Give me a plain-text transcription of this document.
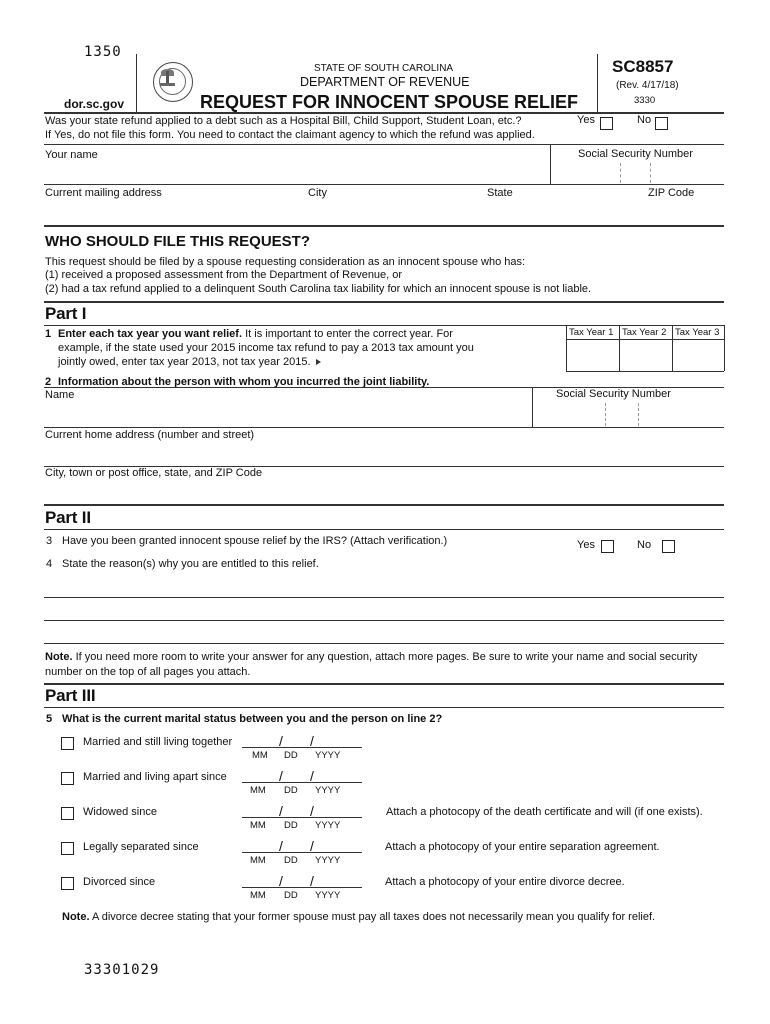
1350
STATE OF SOUTH CAROLINA
DEPARTMENT OF REVENUE
dor.sc.gov	REQUEST FOR INNOCENT SPOUSE RELIEF
SC8857
(Rev. 4/17/18)
3330
Was your state refund applied to a debt such as a Hospital Bill, Child Support, Student Loan, etc.?
If Yes, do not file this form. You need to contact the claimant agency to which the refund was applied.
Yes	No
Your name	Social Security Number
Current mailing address	City	State	ZIP Code
WHO SHOULD FILE THIS REQUEST?
This request should be filed by a spouse requesting consideration as an innocent spouse who has:
(1) received a proposed assessment from the Department of Revenue, or
(2) had a tax refund applied to a delinquent South Carolina tax liability for which an innocent spouse is not liable.
Part I
1 Enter each tax year you want relief. It is important to enter the correct year. For
example, if the state used your 2015 income tax refund to pay a 2013 tax amount you
jointly owed, enter tax year 2013, not tax year 2015.
Tax Year 1 Tax Year 2 Tax Year 3
2 Information about the person with whom you incurred the joint liability.
Name	Social Security Number
Current home address (number and street)
City, town or post office, state, and ZIP Code
Part II
3 Have you been granted innocent spouse relief by the IRS? (Attach verification.)	Yes	No
4 State the reason(s) why you are entitled to this relief.
Note. If you need more room to write your answer for any question, attach more pages. Be sure to write your name and social security
number on the top of all pages you attach.
Part III
5 What is the current marital status between you and the person on line 2?
Married and still living together	/ /
MM DD YYYY
Married and living apart since	/ /
MM DD YYYY
Widowed since	/ /
MM DD YYYY
Attach a photocopy of the death certificate and will (if one exists).
Legally separated since	/ /
MM DD YYYY
Attach a photocopy of your entire separation agreement.
Divorced since	/ /
MM DD YYYY
Attach a photocopy of your entire divorce decree.
Note. A divorce decree stating that your former spouse must pay all taxes does not necessarily mean you qualify for relief.
33301029
